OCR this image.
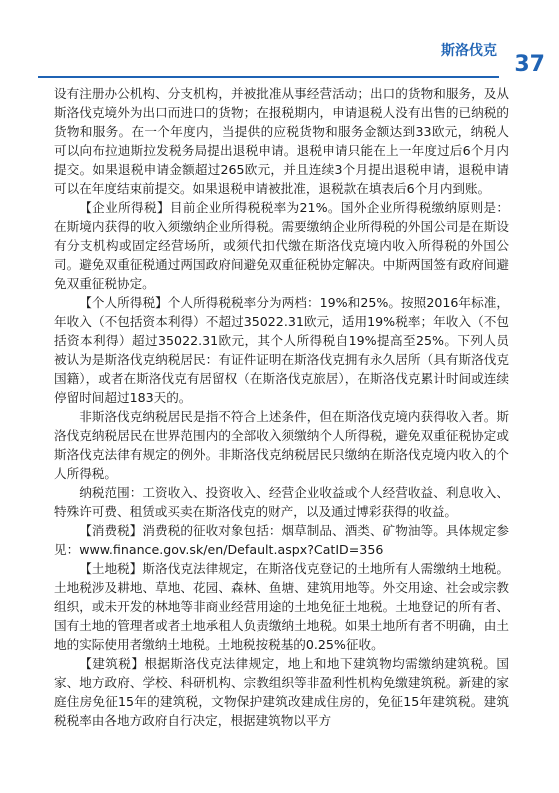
斯洛伐克
37

设有注册办公机构、分支机构，并被批准从事经营活动；出口的货物和服务，及从斯洛伐克境外为出口而进口的货物；在报税期内，申请退税人没有出售的已纳税的货物和服务。在一个年度内，当提供的应税货物和服务金额达到33欧元，纳税人可以向布拉迪斯拉发税务局提出退税申请。退税申请只能在上一年度过后6个月内提交。如果退税申请金额超过265欧元，并且连续3个月提出退税申请，退税申请可以在年度结束前提交。如果退税申请被批准，退税款在填表后6个月内到账。

【企业所得税】目前企业所得税税率为21%。国外企业所得税缴纳原则是：在斯境内获得的收入须缴纳企业所得税。需要缴纳企业所得税的外国公司是在斯设有分支机构或固定经营场所，或须代扣代缴在斯洛伐克境内收入所得税的外国公司。避免双重征税通过两国政府间避免双重征税协定解决。中斯两国签有政府间避免双重征税协定。

【个人所得税】个人所得税税率分为两档：19%和25%。按照2016年标准，年收入（不包括资本利得）不超过35022.31欧元，适用19%税率；年收入（不包括资本利得）超过35022.31欧元，其个人所得税自19%提高至25%。下列人员被认为是斯洛伐克纳税居民：有证件证明在斯洛伐克拥有永久居所（具有斯洛伐克国籍），或者在斯洛伐克有居留权（在斯洛伐克旅居），在斯洛伐克累计时间或连续停留时间超过183天的。

非斯洛伐克纳税居民是指不符合上述条件，但在斯洛伐克境内获得收入者。斯洛伐克纳税居民在世界范围内的全部收入须缴纳个人所得税，避免双重征税协定或斯洛伐克法律有规定的例外。非斯洛伐克纳税居民只缴纳在斯洛伐克境内收入的个人所得税。

纳税范围：工资收入、投资收入、经营企业收益或个人经营收益、利息收入、特殊许可费、租赁或买卖在斯洛伐克的财产，以及通过博彩获得的收益。

【消费税】消费税的征收对象包括：烟草制品、酒类、矿物油等。具体规定参见：www.finance.gov.sk/en/Default.aspx?CatID=356

【土地税】斯洛伐克法律规定，在斯洛伐克登记的土地所有人需缴纳土地税。土地税涉及耕地、草地、花园、森林、鱼塘、建筑用地等。外交用途、社会或宗教组织，或未开发的林地等非商业经营用途的土地免征土地税。土地登记的所有者、国有土地的管理者或者土地承租人负责缴纳土地税。如果土地所有者不明确，由土地的实际使用者缴纳土地税。土地税按税基的0.25%征收。

【建筑税】根据斯洛伐克法律规定，地上和地下建筑物均需缴纳建筑税。国家、地方政府、学校、科研机构、宗教组织等非盈利性机构免缴建筑税。新建的家庭住房免征15年的建筑税，文物保护建筑改建成住房的，免征15年建筑税。建筑税税率由各地方政府自行决定，根据建筑物以平方
